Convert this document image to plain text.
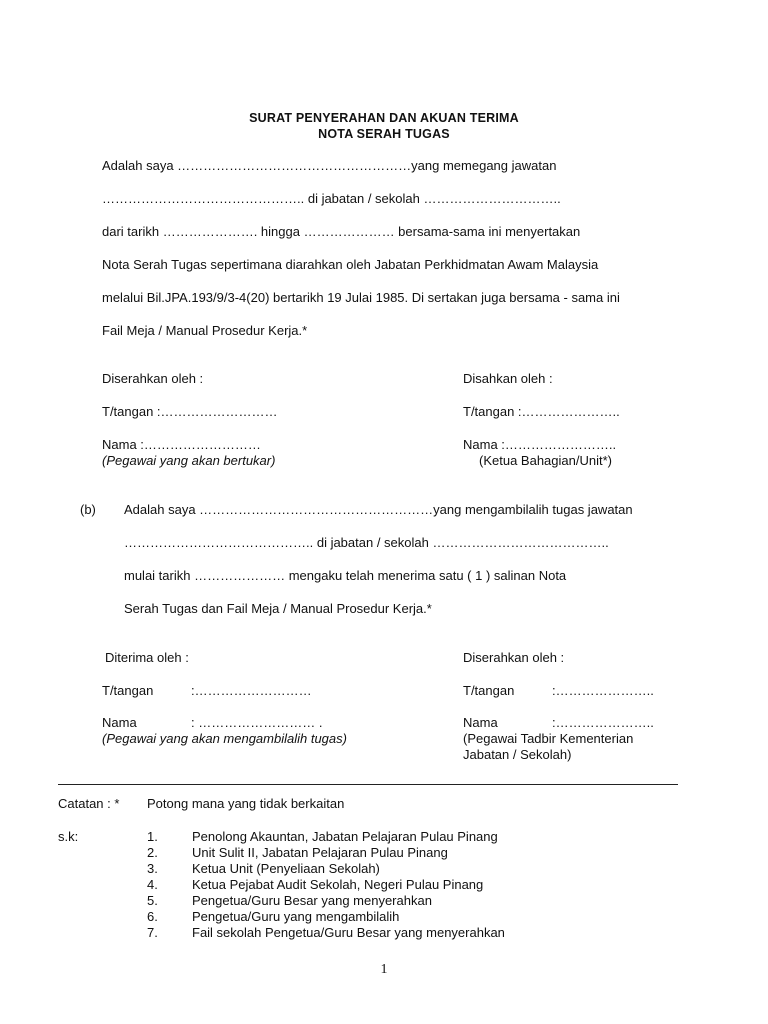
SURAT PENYERAHAN DAN AKUAN TERIMA
NOTA SERAH TUGAS
Adalah saya ………………………………………………yang memegang jawatan
……………………………………….. di jabatan / sekolah …………………………..
dari tarikh …………………. hingga ………………… bersama-sama ini menyertakan
Nota Serah Tugas sepertimana diarahkan oleh Jabatan Perkhidmatan Awam Malaysia
melalui Bil.JPA.193/9/3-4(20) bertarikh 19 Julai 1985. Di sertakan juga bersama - sama ini
Fail Meja / Manual Prosedur Kerja.*
Diserahkan oleh :
T/tangan :………………………
Nama :………………………
(Pegawai yang akan bertukar)
Disahkan oleh :
T/tangan :…………………..
Nama :……………………..
(Ketua Bahagian/Unit*)
(b) Adalah saya ………………………………………………yang mengambilalih tugas jawatan
…………………………………….. di jabatan / sekolah …………………………………..
mulai tarikh ………………… mengaku telah menerima satu ( 1 ) salinan Nota
Serah Tugas dan Fail Meja / Manual Prosedur Kerja.*
Diterima oleh :
T/tangan	:………………………
Nama	: ……………………… .
(Pegawai yang akan mengambilalih tugas)
Diserahkan oleh :
T/tangan	:…………………..
Nama	:…………………..
(Pegawai Tadbir Kementerian
Jabatan / Sekolah)
Catatan : * Potong mana yang tidak berkaitan
s.k:	1.	Penolong Akauntan, Jabatan Pelajaran Pulau Pinang
2.	Unit Sulit II, Jabatan Pelajaran Pulau Pinang
3.	Ketua Unit (Penyeliaan Sekolah)
4.	Ketua Pejabat Audit Sekolah, Negeri Pulau Pinang
5.	Pengetua/Guru Besar yang menyerahkan
6.	Pengetua/Guru yang mengambilalih
7.	Fail sekolah Pengetua/Guru Besar yang menyerahkan
1
